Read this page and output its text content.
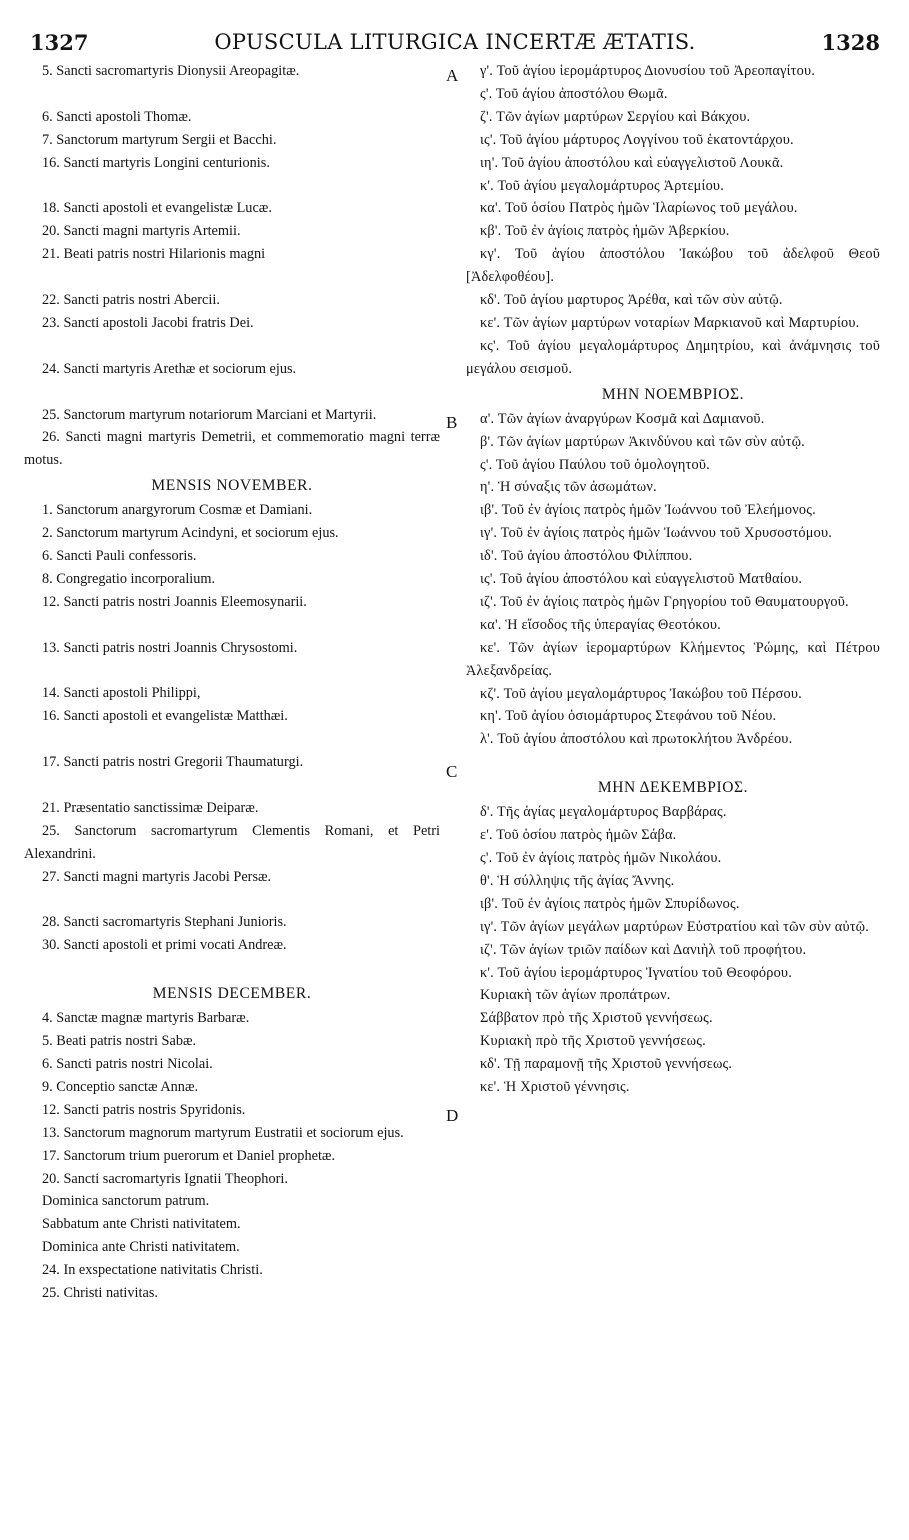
1327	OPUSCULA LITURGICA INCERTÆ ÆTATIS.	1328
A
B
C
D
5. Sancti sacromartyris Dionysii Areopagitæ.
6. Sancti apostoli Thomæ.
7. Sanctorum martyrum Sergii et Bacchi.
16. Sancti martyris Longini centurionis.
18. Sancti apostoli et evangelistæ Lucæ.
20. Sancti magni martyris Artemii.
21. Beati patris nostri Hilarionis magni
22. Sancti patris nostri Abercii.
23. Sancti apostoli Jacobi fratris Dei.
24. Sancti martyris Arethæ et sociorum ejus.
25. Sanctorum martyrum notariorum Marciani et Martyrii.
26. Sancti magni martyris Demetrii, et commemoratio magni terræ motus.
MENSIS NOVEMBER.
1. Sanctorum anargyrorum Cosmæ et Damiani.
2. Sanctorum martyrum Acindyni, et sociorum ejus.
6. Sancti Pauli confessoris.
8. Congregatio incorporalium.
12. Sancti patris nostri Joannis Eleemosynarii.
13. Sancti patris nostri Joannis Chrysostomi.
14. Sancti apostoli Philippi,
16. Sancti apostoli et evangelistæ Matthæi.
17. Sancti patris nostri Gregorii Thaumaturgi.
21. Præsentatio sanctissimæ Deiparæ.
25. Sanctorum sacromartyrum Clementis Romani, et Petri Alexandrini.
27. Sancti magni martyris Jacobi Persæ.
28. Sancti sacromartyris Stephani Junioris.
30. Sancti apostoli et primi vocati Andreæ.
MENSIS DECEMBER.
4. Sanctæ magnæ martyris Barbaræ.
5. Beati patris nostri Sabæ.
6. Sancti patris nostri Nicolai.
9. Conceptio sanctæ Annæ.
12. Sancti patris nostris Spyridonis.
13. Sanctorum magnorum martyrum Eustratii et sociorum ejus.
17. Sanctorum trium puerorum et Daniel prophetæ.
20. Sancti sacromartyris Ignatii Theophori.
Dominica sanctorum patrum.
Sabbatum ante Christi nativitatem.
Dominica ante Christi nativitatem.
24. In exspectatione nativitatis Christi.
25. Christi nativitas.
γ'. Τοῦ ἁγίου ἱερομάρτυρος Διονυσίου τοῦ Ἀρεοπαγίτου.
ς'. Τοῦ ἁγίου ἀποστόλου Θωμᾶ.
ζ'. Τῶν ἁγίων μαρτύρων Σεργίου καὶ Βάκχου.
ις'. Τοῦ ἁγίου μάρτυρος Λογγίνου τοῦ ἑκατοντάρχου.
ιη'. Τοῦ ἁγίου ἀποστόλου καὶ εὐαγγελιστοῦ Λουκᾶ.
κ'. Τοῦ ἁγίου μεγαλομάρτυρος Ἀρτεμίου.
κα'. Τοῦ ὁσίου Πατρὸς ἡμῶν Ἱλαρίωνος τοῦ μεγάλου.
κβ'. Τοῦ ἐν ἁγίοις πατρὸς ἡμῶν Ἀβερκίου.
κγ'. Τοῦ ἁγίου ἀποστόλου Ἰακώβου τοῦ ἀδελφοῦ Θεοῦ [Ἀδελφοθέου].
κδ'. Τοῦ ἁγίου μαρτυρος Ἀρέθα, καὶ τῶν σὺν αὐτῷ.
κε'. Τῶν ἁγίων μαρτύρων νοταρίων Μαρκιανοῦ καὶ Μαρτυρίου.
κς'. Τοῦ ἁγίου μεγαλομάρτυρος Δημητρίου, καὶ ἀνάμνησις τοῦ μεγάλου σεισμοῦ.
ΜΗΝ ΝΟΕΜΒΡΙΟΣ.
α'. Τῶν ἁγίων ἀναργύρων Κοσμᾶ καὶ Δαμιανοῦ.
β'. Τῶν ἁγίων μαρτύρων Ἀκινδύνου καὶ τῶν σὺν αὐτῷ.
ς'. Τοῦ ἁγίου Παύλου τοῦ ὁμολογητοῦ.
η'. Ἡ σύναξις τῶν ἀσωμάτων.
ιβ'. Τοῦ ἐν ἁγίοις πατρὸς ἡμῶν Ἰωάννου τοῦ Ἐλεήμονος.
ιγ'. Τοῦ ἐν ἁγίοις πατρὸς ἡμῶν Ἰωάννου τοῦ Χρυσοστόμου.
ιδ'. Τοῦ ἁγίου ἀποστόλου Φιλίππου.
ις'. Τοῦ ἁγίου ἀποστόλου καὶ εὐαγγελιστοῦ Ματθαίου.
ιζ'. Τοῦ ἐν ἁγίοις πατρὸς ἡμῶν Γρηγορίου τοῦ Θαυματουργοῦ.
κα'. Ἡ εἴσοδος τῆς ὑπεραγίας Θεοτόκου.
κε'. Τῶν ἁγίων ἱερομαρτύρων Κλήμεντος Ῥώμης, καὶ Πέτρου Ἀλεξανδρείας.
κζ'. Τοῦ ἁγίου μεγαλομάρτυρος Ἰακώβου τοῦ Πέρσου.
κη'. Τοῦ ἁγίου ὁσιομάρτυρος Στεφάνου τοῦ Νέου.
λ'. Τοῦ ἁγίου ἀποστόλου καὶ πρωτοκλήτου Ἀνδρέου.
ΜΗΝ ΔΕΚΕΜΒΡΙΟΣ.
δ'. Τῆς ἁγίας μεγαλομάρτυρος Βαρβάρας.
ε'. Τοῦ ὁσίου πατρὸς ἡμῶν Σάβα.
ς'. Τοῦ ἐν ἁγίοις πατρὸς ἡμῶν Νικολάου.
θ'. Ἡ σύλληψις τῆς ἁγίας Ἄννης.
ιβ'. Τοῦ ἐν ἁγίοις πατρὸς ἡμῶν Σπυρίδωνος.
ιγ'. Τῶν ἁγίων μεγάλων μαρτύρων Εὐστρατίου καὶ τῶν σὺν αὐτῷ.
ιζ'. Τῶν ἁγίων τριῶν παίδων καὶ Δανιὴλ τοῦ προφήτου.
κ'. Τοῦ ἁγίου ἱερομάρτυρος Ἰγνατίου τοῦ Θεοφόρου.
Κυριακὴ τῶν ἁγίων προπάτρων.
Σάββατον πρὸ τῆς Χριστοῦ γεννήσεως.
Κυριακὴ πρὸ τῆς Χριστοῦ γεννήσεως.
κδ'. Τῇ παραμονῇ τῆς Χριστοῦ γεννήσεως.
κε'. Ἡ Χριστοῦ γέννησις.
